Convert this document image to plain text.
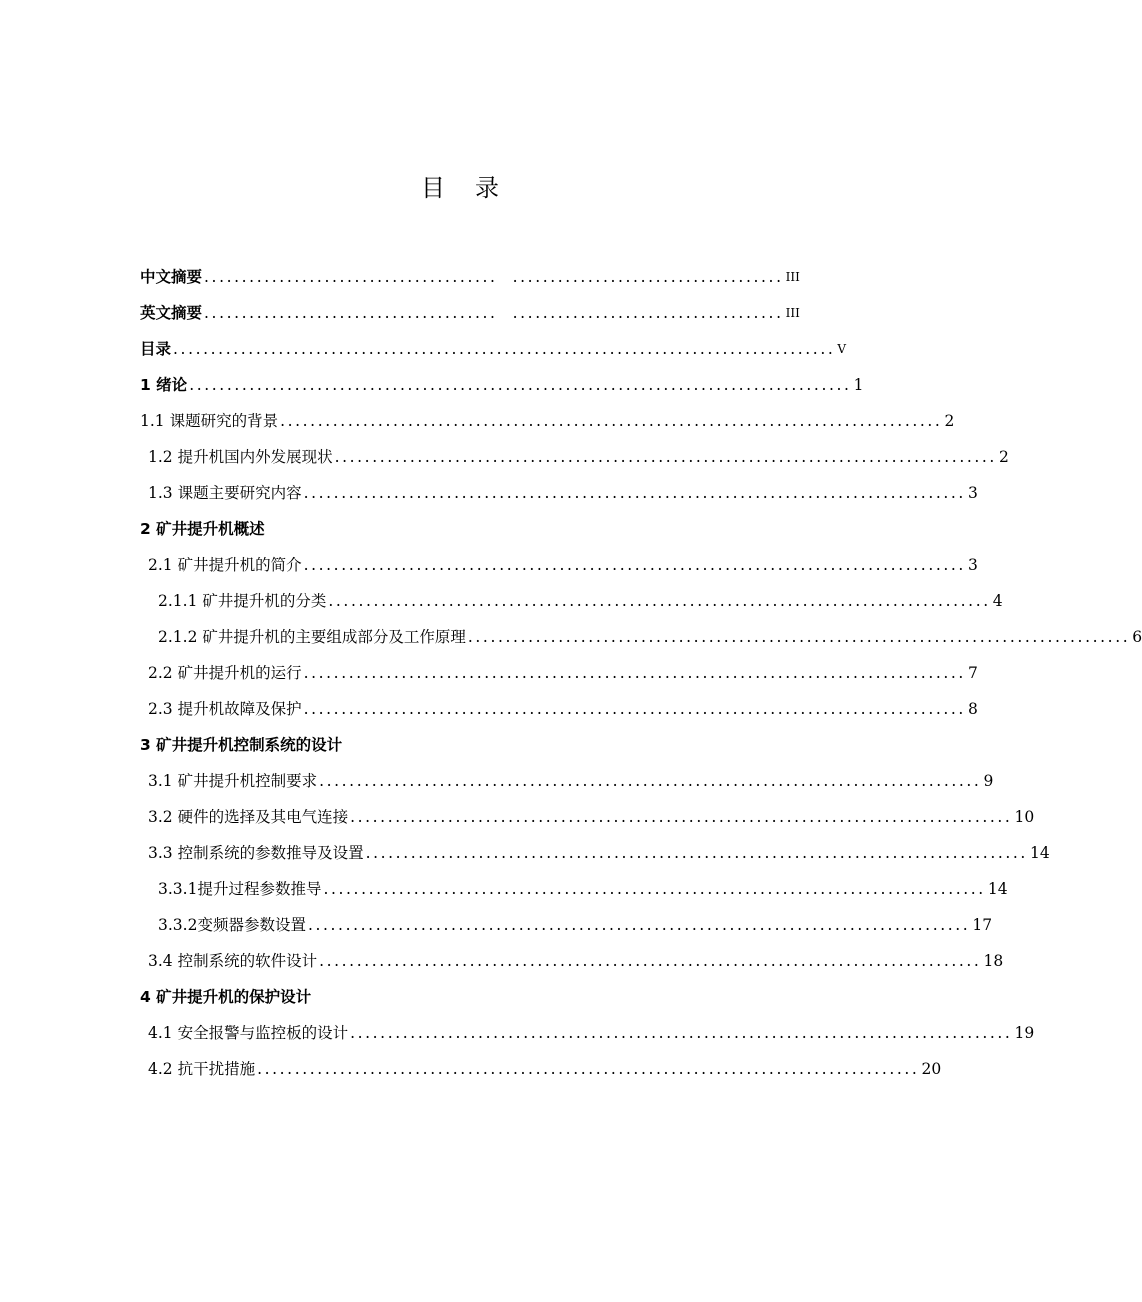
目 录
中文摘要 .......................................  .................................... III
英文摘要 .......................................  .................................... III
目录 ........................................................................................ V
1 绪论 ........................................................................................ 1
1.1 课题研究的背景 ........................................................................................ 2
1.2 提升机国内外发展现状 ........................................................................................ 2
1.3 课题主要研究内容 ........................................................................................ 3
2 矿井提升机概述
2.1 矿井提升机的简介 ........................................................................................ 3
2.1.1 矿井提升机的分类 ........................................................................................ 4
2.1.2 矿井提升机的主要组成部分及工作原理 ........................................................................................ 6
2.2 矿井提升机的运行 ........................................................................................ 7
2.3 提升机故障及保护 ........................................................................................ 8
3 矿井提升机控制系统的设计
3.1 矿井提升机控制要求 ........................................................................................ 9
3.2 硬件的选择及其电气连接 ........................................................................................ 10
3.3 控制系统的参数推导及设置 ........................................................................................ 14
3.3.1提升过程参数推导 ........................................................................................ 14
3.3.2变频器参数设置 ........................................................................................ 17
3.4 控制系统的软件设计 ........................................................................................ 18
4 矿井提升机的保护设计
4.1 安全报警与监控板的设计 ........................................................................................ 19
4.2 抗干扰措施 ........................................................................................ 20
